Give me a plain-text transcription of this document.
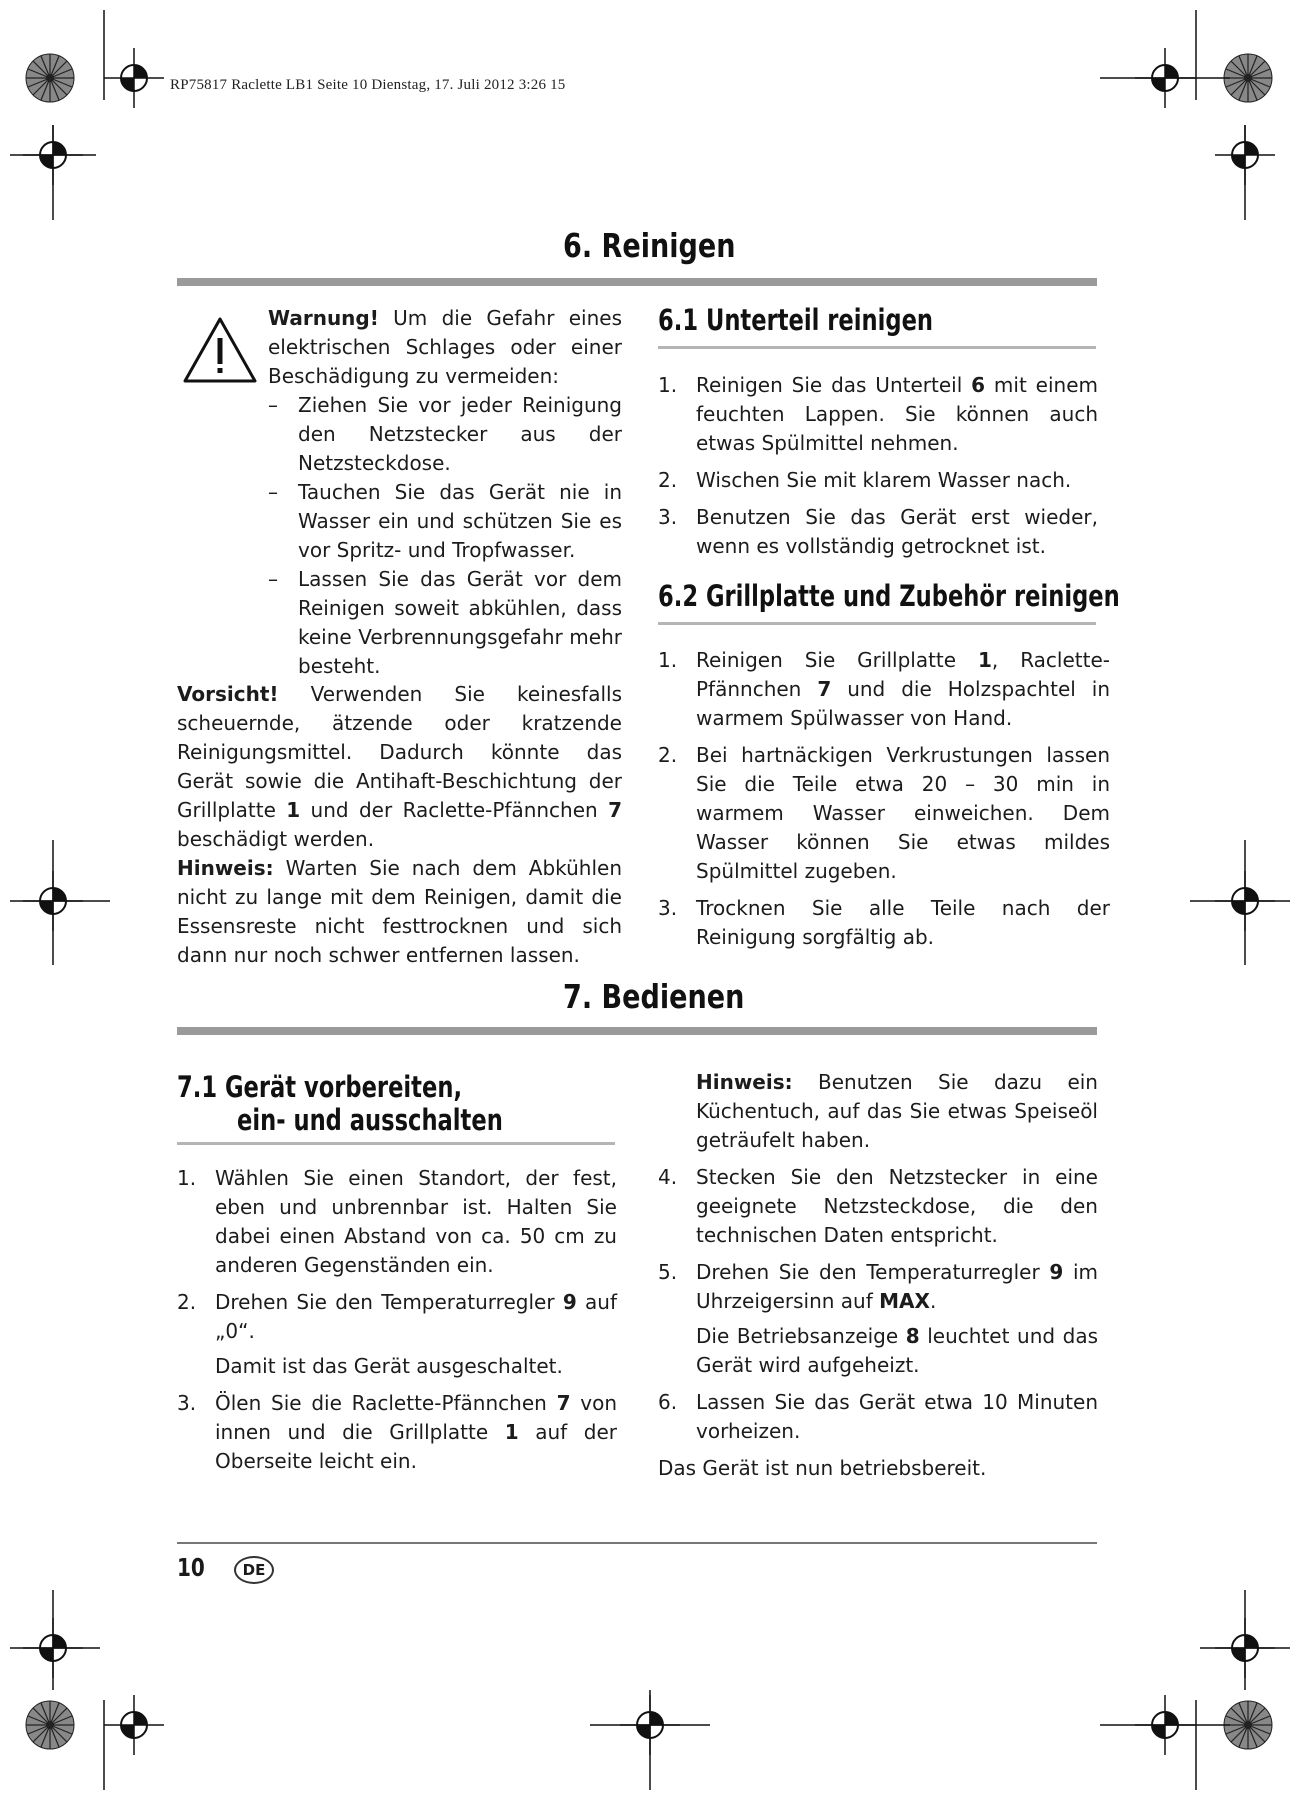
RP75817 Raclette LB1 Seite 10 Dienstag, 17. Juli 2012 3:26 15
6. Reinigen

Warnung! Um die Gefahr eines elektrischen Schlages oder einer Beschädigung zu vermeiden:

–	Ziehen Sie vor jeder Reinigung den Netzstecker aus der Netzsteckdose.
–	Tauchen Sie das Gerät nie in Wasser ein und schützen Sie es vor Spritz- und Tropfwasser.
–	Lassen Sie das Gerät vor dem Reinigen soweit abkühlen, dass keine Verbrennungsgefahr mehr besteht.

Vorsicht! Verwenden Sie keinesfalls scheuernde, ätzende oder kratzende Reinigungsmittel. Dadurch könnte das Gerät sowie die Antihaft-Beschichtung der Grillplatte 1 und der Raclette-Pfännchen 7 beschädigt werden.

Hinweis: Warten Sie nach dem Abkühlen nicht zu lange mit dem Reinigen, damit die Essensreste nicht festtrocknen und sich dann nur noch schwer entfernen lassen.

6.1 Unterteil reinigen
1. Reinigen Sie das Unterteil 6 mit einem feuchten Lappen. Sie können auch etwas Spülmittel nehmen.
2. Wischen Sie mit klarem Wasser nach.
3. Benutzen Sie das Gerät erst wieder, wenn es vollständig getrocknet ist.
6.2 Grillplatte und Zubehör reinigen
1. Reinigen Sie Grillplatte 1, Raclette-Pfännchen 7 und die Holzspachtel in warmem Spülwasser von Hand.
2. Bei hartnäckigen Verkrustungen lassen Sie die Teile etwa 20 – 30 min in warmem Wasser einweichen. Dem Wasser können Sie etwas mildes Spülmittel zugeben.
3. Trocknen Sie alle Teile nach der Reinigung sorgfältig ab.
7. Bedienen
7.1 Gerät vorbereiten,
ein- und ausschalten
1. Wählen Sie einen Standort, der fest, eben und unbrennbar ist. Halten Sie dabei einen Abstand von ca. 50 cm zu anderen Gegenständen ein.
2. Drehen Sie den Temperaturregler 9 auf „0“.

Damit ist das Gerät ausgeschaltet.
3. Ölen Sie die Raclette-Pfännchen 7 von innen und die Grillplatte 1 auf der Oberseite leicht ein.

Hinweis: Benutzen Sie dazu ein Küchentuch, auf das Sie etwas Speiseöl geträufelt haben.

4. Stecken Sie den Netzstecker in eine geeignete Netzsteckdose, die den technischen Daten entspricht.
5. Drehen Sie den Temperaturregler 9 im Uhrzeigersinn auf MAX.
Die Betriebsanzeige 8 leuchtet und das Gerät wird aufgeheizt.
6. Lassen Sie das Gerät etwa 10 Minuten vorheizen.

Das Gerät ist nun betriebsbereit.

10	DE
